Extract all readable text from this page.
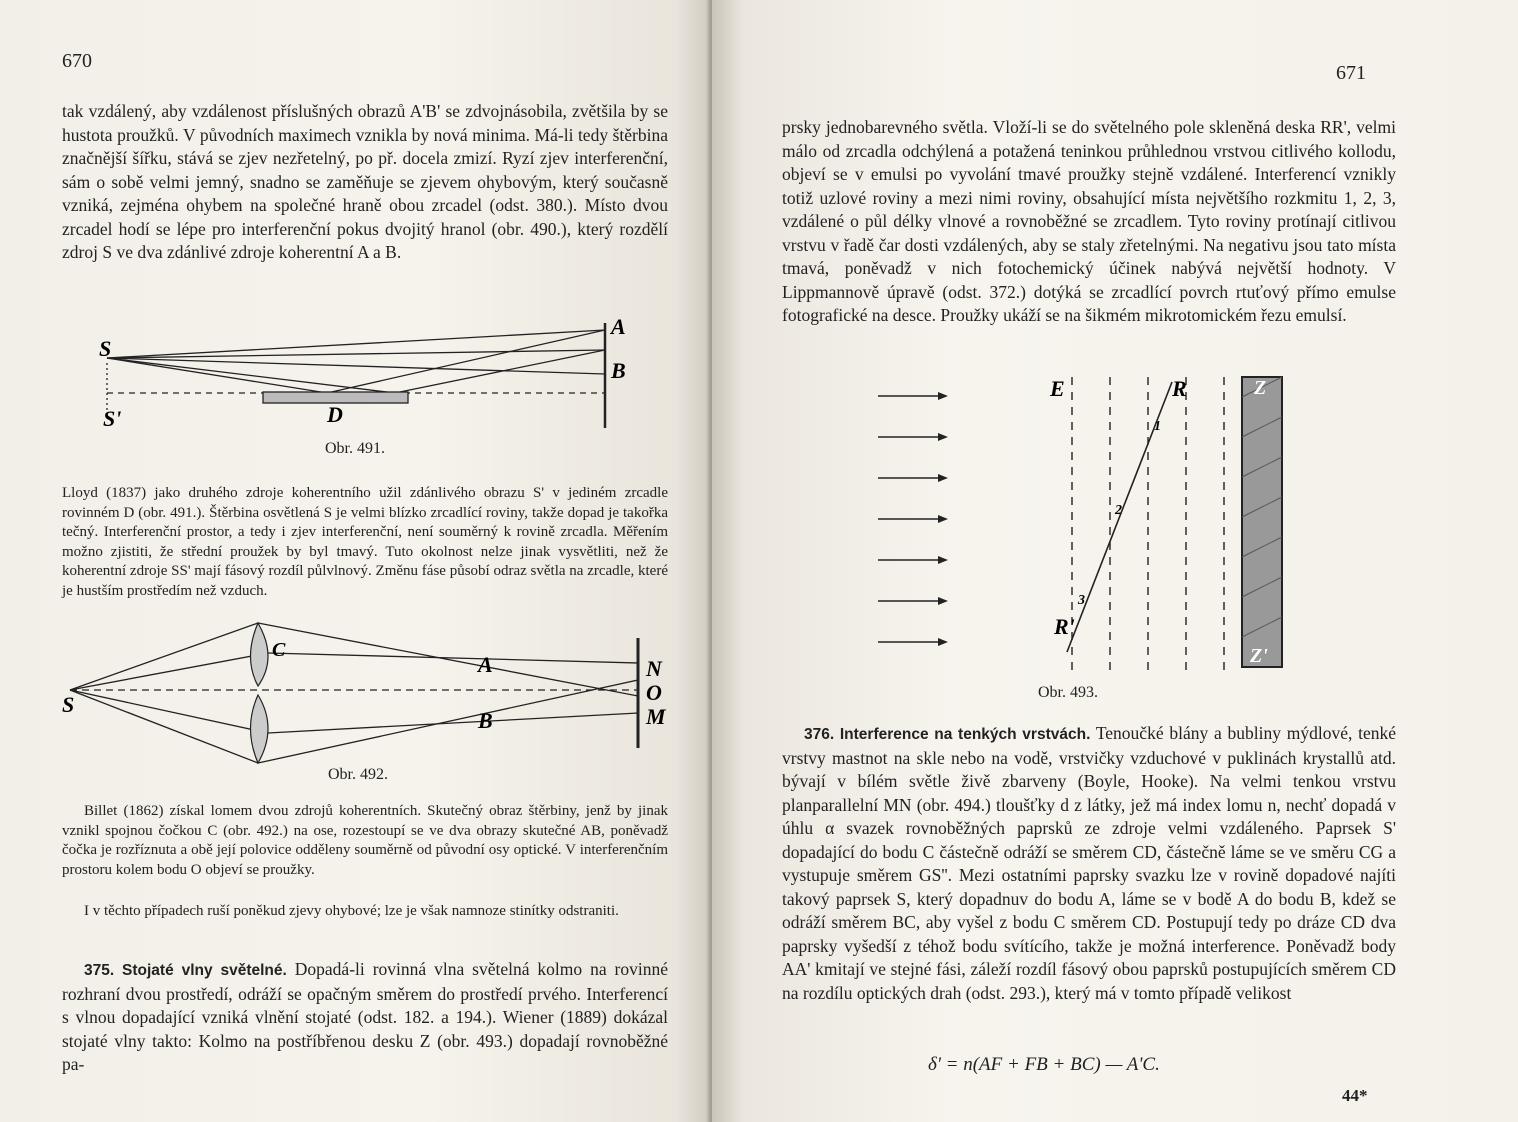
670

tak vzdálený, aby vzdálenost příslušných obrazů A'B' se zdvojnásobila, zvětšila by se hustota proužků. V původních maximech vznikla by nová minima. Má-li tedy štěrbina značnější šířku, stává se zjev nezřetelný, po př. docela zmizí. Ryzí zjev interferenční, sám o sobě velmi jemný, snadno se zaměňuje se zjevem ohybovým, který současně vzniká, zejména ohybem na společné hraně obou zrcadel (odst. 380.). Místo dvou zrcadel hodí se lépe pro interferenční pokus dvojitý hranol (obr. 490.), který rozdělí zdroj S ve dva zdánlivé zdroje koherentní A a B.

S
S'
A
B
D
Obr. 491.

Lloyd (1837) jako druhého zdroje koherentního užil zdánlivého obrazu S' v jediném zrcadle rovinném D (obr. 491.). Štěrbina osvětlená S je velmi blízko zrcadlící roviny, takže dopad je takořka tečný. Interferenční prostor, a tedy i zjev interferenční, není souměrný k rovině zrcadla. Měřením možno zjistiti, že střední proužek by byl tmavý. Tuto okolnost nelze jinak vysvětliti, než že koherentní zdroje SS' mají fásový rozdíl půlvlnový. Změnu fáse působí odraz světla na zrcadle, které je hustším prostředím než vzduch.

S
C
A
B
N
O
M
Obr. 492.

Billet (1862) získal lomem dvou zdrojů koherentních. Skutečný obraz štěrbiny, jenž by jinak vznikl spojnou čočkou C (obr. 492.) na ose, rozestoupí se ve dva obrazy skutečné AB, poněvadž čočka je rozříznuta a obě její polovice odděleny souměrně od původní osy optické. V interferenčním prostoru kolem bodu O objeví se proužky.

I v těchto případech ruší poněkud zjevy ohybové; lze je však namnoze stinítky odstraniti.

375. Stojaté vlny světelné. Dopadá-li rovinná vlna světelná kolmo na rovinné rozhraní dvou prostředí, odráží se opačným směrem do prostředí prvého. Interferencí s vlnou dopadající vzniká vlnění stojaté (odst. 182. a 194.). Wiener (1889) dokázal stojaté vlny takto: Kolmo na postříbřenou desku Z (obr. 493.) dopadají rovnoběžné pa-

671

prsky jednobarevného světla. Vloží-li se do světelného pole skleněná deska RR', velmi málo od zrcadla odchýlená a potažená teninkou průhlednou vrstvou citlivého kollodu, objeví se v emulsi po vyvolání tmavé proužky stejně vzdálené. Interferencí vznikly totiž uzlové roviny a mezi nimi roviny, obsahující místa největšího rozkmitu 1, 2, 3, vzdálené o půl délky vlnové a rovnoběžné se zrcadlem. Tyto roviny protínají citlivou vrstvu v řadě čar dosti vzdálených, aby se staly zřetelnými. Na negativu jsou tato místa tmavá, poněvadž v nich fotochemický účinek nabývá největší hodnoty. V Lippmannově úpravě (odst. 372.) dotýká se zrcadlící povrch rtuťový přímo emulse fotografické na desce. Proužky ukáží se na šikmém mikrotomickém řezu emulsí.

E	R
R'
Z
Z'
1
2
3
Obr. 493.

376. Interference na tenkých vrstvách. Tenoučké blány a bubliny mýdlové, tenké vrstvy mastnot na skle nebo na vodě, vrstvičky vzduchové v puklinách krystallů atd. bývají v bílém světle živě zbarveny (Boyle, Hooke). Na velmi tenkou vrstvu planparallelní MN (obr. 494.) tloušťky d z látky, jež má index lomu n, nechť dopadá v úhlu α svazek rovnoběžných paprsků ze zdroje velmi vzdáleného. Paprsek S' dopadající do bodu C částečně odráží se směrem CD, částečně láme se ve směru CG a vystupuje směrem GS''. Mezi ostatními paprsky svazku lze v rovině dopadové najíti takový paprsek S, který dopadnuv do bodu A, láme se v bodě A do bodu B, kdež se odráží směrem BC, aby vyšel z bodu C směrem CD. Postupují tedy po dráze CD dva paprsky vyšedší z téhož bodu svítícího, takže je možná interference. Poněvadž body AA' kmitají ve stejné fási, záleží rozdíl fásový obou paprsků postupujících směrem CD na rozdílu optických drah (odst. 293.), který má v tomto případě velikost

δ' = n(AF + FB + BC) — A'C.
44*
